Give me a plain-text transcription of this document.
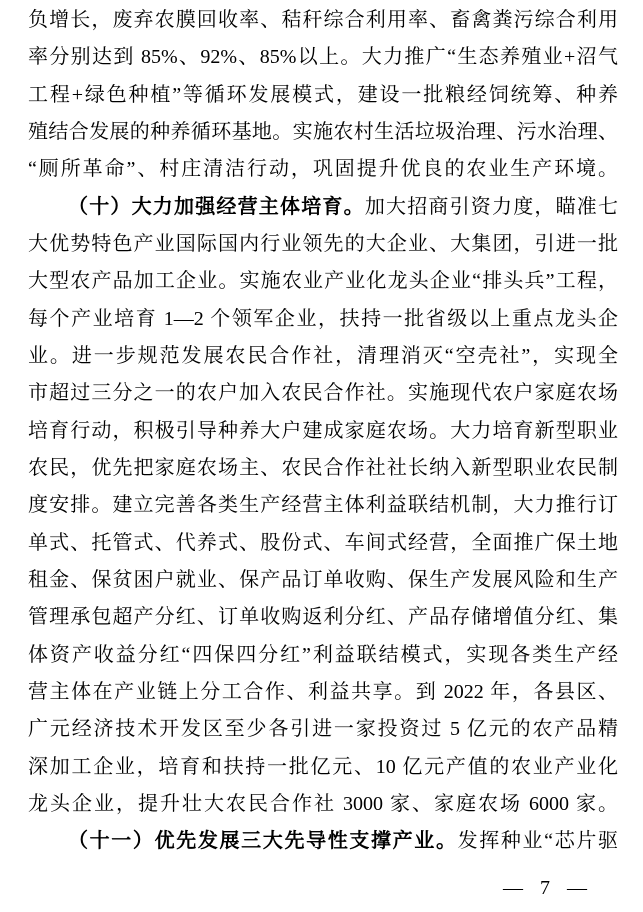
负增长，废弃农膜回收率、秸秆综合利用率、畜禽粪污综合利用
率分别达到 85%、92%、85%以上。大力推广“生态养殖业+沼气
工程+绿色种植”等循环发展模式，建设一批粮经饲统筹、种养
殖结合发展的种养循环基地。实施农村生活垃圾治理、污水治理、
“厕所革命”、村庄清洁行动，巩固提升优良的农业生产环境。
（十）大力加强经营主体培育。加大招商引资力度，瞄准七
大优势特色产业国际国内行业领先的大企业、大集团，引进一批
大型农产品加工企业。实施农业产业化龙头企业“排头兵”工程，
每个产业培育 1—2 个领军企业，扶持一批省级以上重点龙头企
业。进一步规范发展农民合作社，清理消灭“空壳社”，实现全
市超过三分之一的农户加入农民合作社。实施现代农户家庭农场
培育行动，积极引导种养大户建成家庭农场。大力培育新型职业
农民，优先把家庭农场主、农民合作社社长纳入新型职业农民制
度安排。建立完善各类生产经营主体利益联结机制，大力推行订
单式、托管式、代养式、股份式、车间式经营，全面推广保土地
租金、保贫困户就业、保产品订单收购、保生产发展风险和生产
管理承包超产分红、订单收购返利分红、产品存储增值分红、集
体资产收益分红“四保四分红”利益联结模式，实现各类生产经
营主体在产业链上分工合作、利益共享。到 2022 年，各县区、
广元经济技术开发区至少各引进一家投资过 5 亿元的农产品精
深加工企业，培育和扶持一批亿元、10 亿元产值的农业产业化
龙头企业，提升壮大农民合作社 3000 家、家庭农场 6000 家。
（十一）优先发展三大先导性支撑产业。发挥种业“芯片驱
— 7 —
